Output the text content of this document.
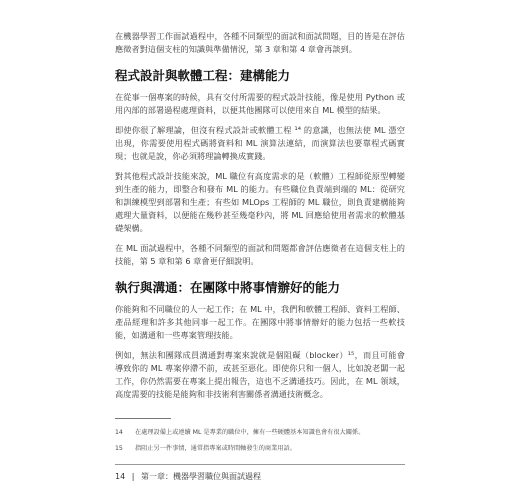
在機器學習工作面試過程中，各種不同類型的面試和面試問題，目的皆是在評估應徵者對這個支柱的知識與準備情況，第 3 章和第 4 章會再談到。

程式設計與軟體工程：建構能力

在從事一個專案的時候，具有交付所需要的程式設計技能，像是使用 Python 或用內部的部署過程處理資料，以便其他團隊可以使用來自 ML 模型的結果。

即使你很了解理論，但沒有程式設計或軟體工程 ¹⁴ 的意識，也無法使 ML 憑空出現，你需要使用程式碼將資料和 ML 演算法連結，而演算法也要靠程式碼實現；也就是說，你必須將理論轉換成實踐。

對其他程式設計技能來說，ML 職位有高度需求的是（軟體）工程師從原型轉變到生產的能力，即整合和發布 ML 的能力。有些職位負責端到端的 ML：從研究和訓練模型到部署和生產；有些如 MLOps 工程師的 ML 職位，則負責建構能夠處理大量資料，以便能在幾秒甚至幾毫秒內，將 ML 回應給使用者需求的軟體基礎架構。

在 ML 面試過程中，各種不同類型的面試和問題都會評估應徵者在這個支柱上的技能，第 5 章和第 6 章會更仔細說明。

執行與溝通：在團隊中將事情辦好的能力

你能夠和不同職位的人一起工作；在 ML 中，我們和軟體工程師、資料工程師、產品經理和許多其他同事一起工作。在團隊中將事情辦好的能力包括一些軟技能，如溝通和一些專案管理技能。

例如，無法和團隊成員溝通對專案來說就是個阻礙（blocker）¹⁵，而且可能會導致你的 ML 專案停滯不前，或甚至惡化。即使你只和一個人，比如說老闆一起工作，你仍然需要在專案上提出報告，這也不乏溝通技巧。因此，在 ML 領域，高度需要的技能是能夠和非技術利害關係者溝通技術概念。

14 在處理設備上或連續 ML 是專業的職位中，擁有一些硬體基本知識也會有很大關係。
15 指阻止另一件事情，通常指專案或時間軸發生的商業用語。
14 | 第一章：機器學習職位與面試過程
